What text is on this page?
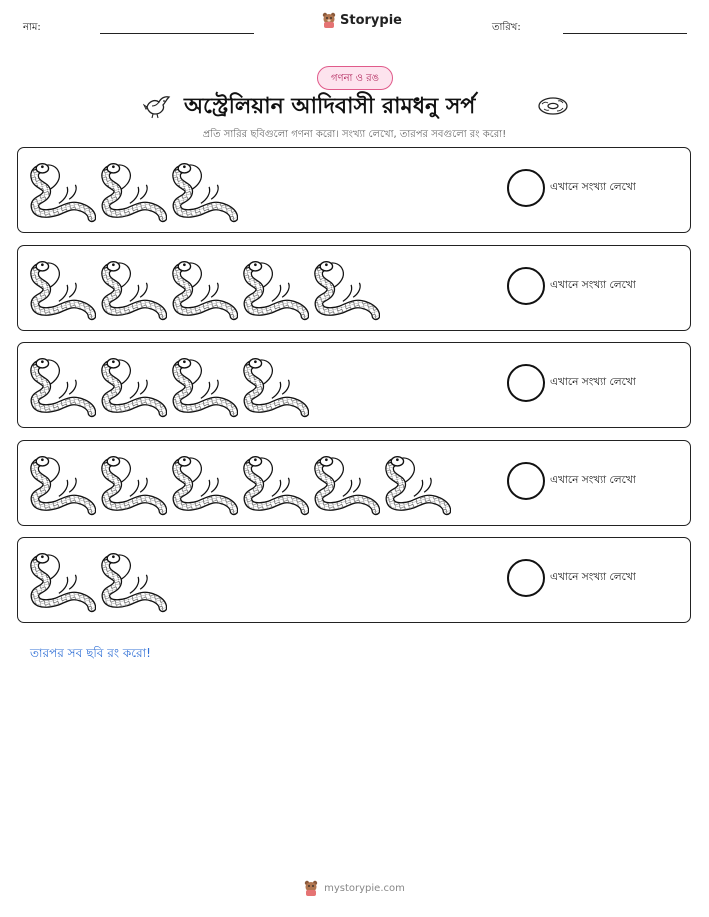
নাম:	Storypie	তারিখ:
গণনা ও রঙ
অস্ট্রেলিয়ান আদিবাসী রামধনু সর্প
প্রতি সারির ছবিগুলো গণনা করো। সংখ্যা লেখো, তারপর সবগুলো রং করো!
এখানে সংখ্যা লেখো
এখানে সংখ্যা লেখো
এখানে সংখ্যা লেখো
এখানে সংখ্যা লেখো
এখানে সংখ্যা লেখো
তারপর সব ছবি রং করো!
mystorypie.com
